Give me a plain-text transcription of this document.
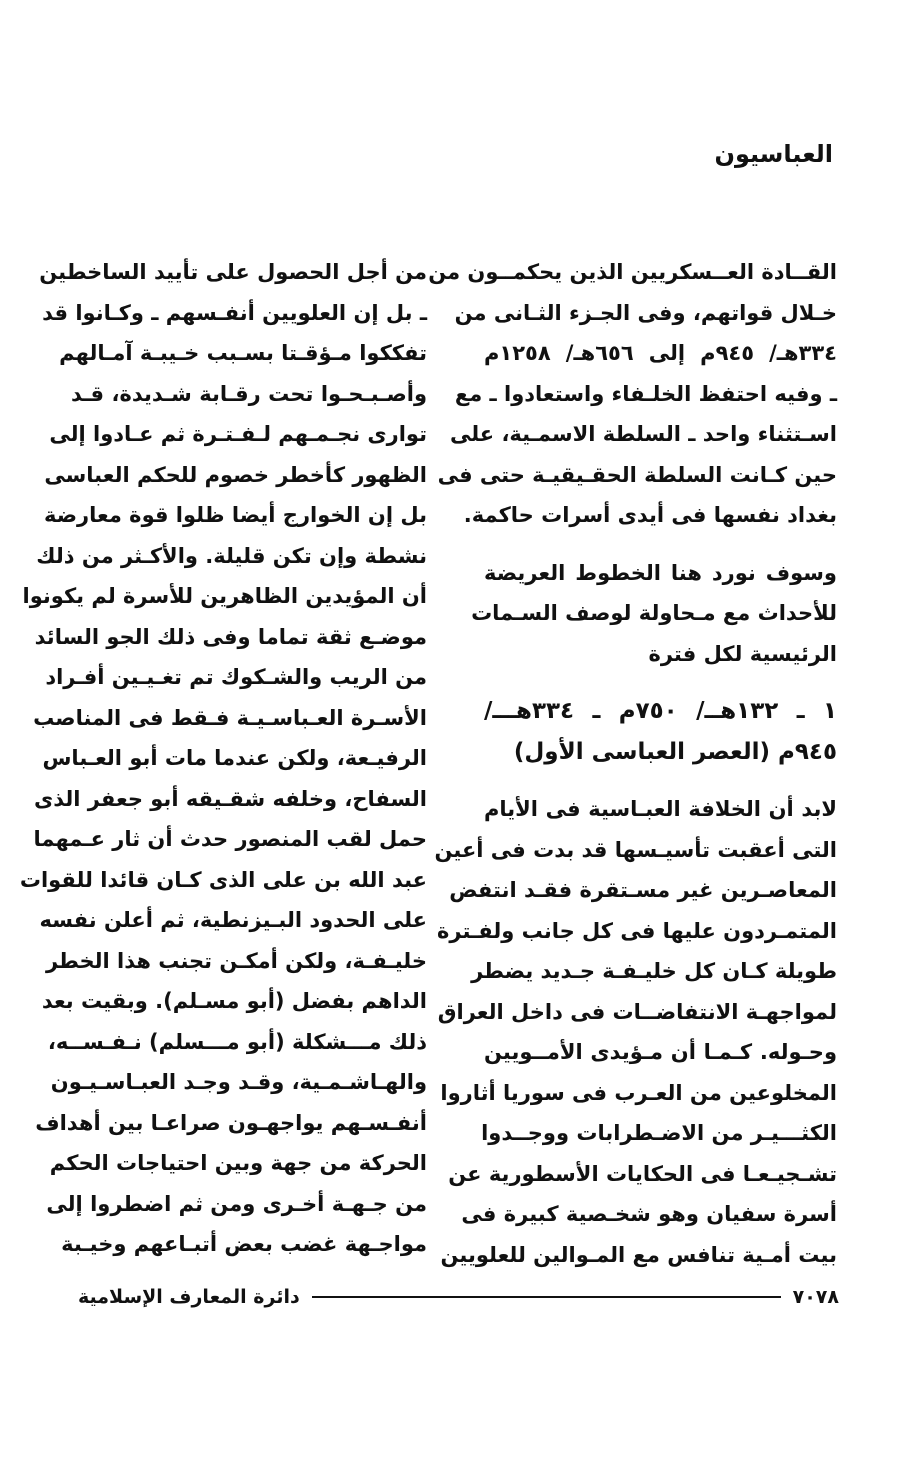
العباسيون
القــادة العــسكريين الذين يحكمــون من
خـلال قواتهم، وفى الجـزء الثـانى من
٣٣٤هـ/ ٩٤٥م إلى ٦٥٦هـ/ ١٢٥٨م
ـ وفيه احتفظ الخلـفاء واستعادوا ـ مع
اسـتثناء واحد ـ السلطة الاسمـية، على
حين كـانت السلطة الحقـيقيـة حتى فى
بغداد نفسها فى أيدى أسرات حاكمة.
وسوف نورد هنا الخطوط العريضة
للأحداث مع مـحاولة لوصف السـمات
الرئيسية لكل فترة
١ ـ ١٣٢هــ/ ٧٥٠م ـ ٣٣٤هـــ/
٩٤٥م (العصر العباسى الأول)
لابد أن الخلافة العبـاسية فى الأيام
التى أعقبت تأسيـسها قد بدت فى أعين
المعاصـرين غير مسـتقرة فقـد انتفض
المتمـردون عليها فى كل جانب ولفـترة
طويلة كـان كل خليـفـة جـديد يضطر
لمواجهـة الانتفاضــات فى داخل العراق
وحـوله. كـمـا أن مـؤيدى الأمــويين
المخلوعين من العـرب فى سوريا أثاروا
الكثـــيـر من الاضـطرابات ووجــدوا
تشـجيـعـا فى الحكايات الأسطورية عن
أسرة سفيان وهو شخـصية كبيرة فى
بيت أمـية تنافس مع المـوالين للعلويين
من أجل الحصول على تأييد الساخطين
ـ بل إن العلويين أنفـسهم ـ وكـانوا قد
تفككوا مـؤقـتا بسـبب خـيبـة آمـالهم
وأصـبـحـوا تحت رقـابة شـديدة، قـد
توارى نجـمـهم لـفـتـرة ثم عـادوا إلى
الظهور كأخطر خصوم للحكم العباسى
بل إن الخوارج أيضا ظلوا قوة معارضة
نشطة وإن تكن قليلة. والأكـثر من ذلك
أن المؤيدين الظاهرين للأسرة لم يكونوا
موضـع ثقة تماما وفى ذلك الجو السائد
من الريب والشـكوك تم تغـيـين أفـراد
الأسـرة العـباسـيـة فـقط فى المناصب
الرفيـعة، ولكن عندما مات أبو العـباس
السفاح، وخلفه شقـيقه أبو جعفر الذى
حمل لقب المنصور حدث أن ثار عـمهما
عبد الله بن على الذى كـان قائدا للقوات
على الحدود البـيزنطية، ثم أعلن نفسه
خليـفـة، ولكن أمكـن تجنب هذا الخطر
الداهم بفضل (أبو مسـلم). وبقيت بعد
ذلك مـــشكلة (أبو مـــسلم) نـفـســه،
والهـاشـمـية، وقـد وجـد العبـاسـيـون
أنفـسـهم يواجهـون صراعـا بين أهداف
الحركة من جهة وبين احتياجات الحكم
من جـهـة أخـرى ومن ثم اضطروا إلى
مواجـهة غضب بعض أتبـاعهم وخيـبة
٧٠٧٨
دائرة المعارف الإسلامية
